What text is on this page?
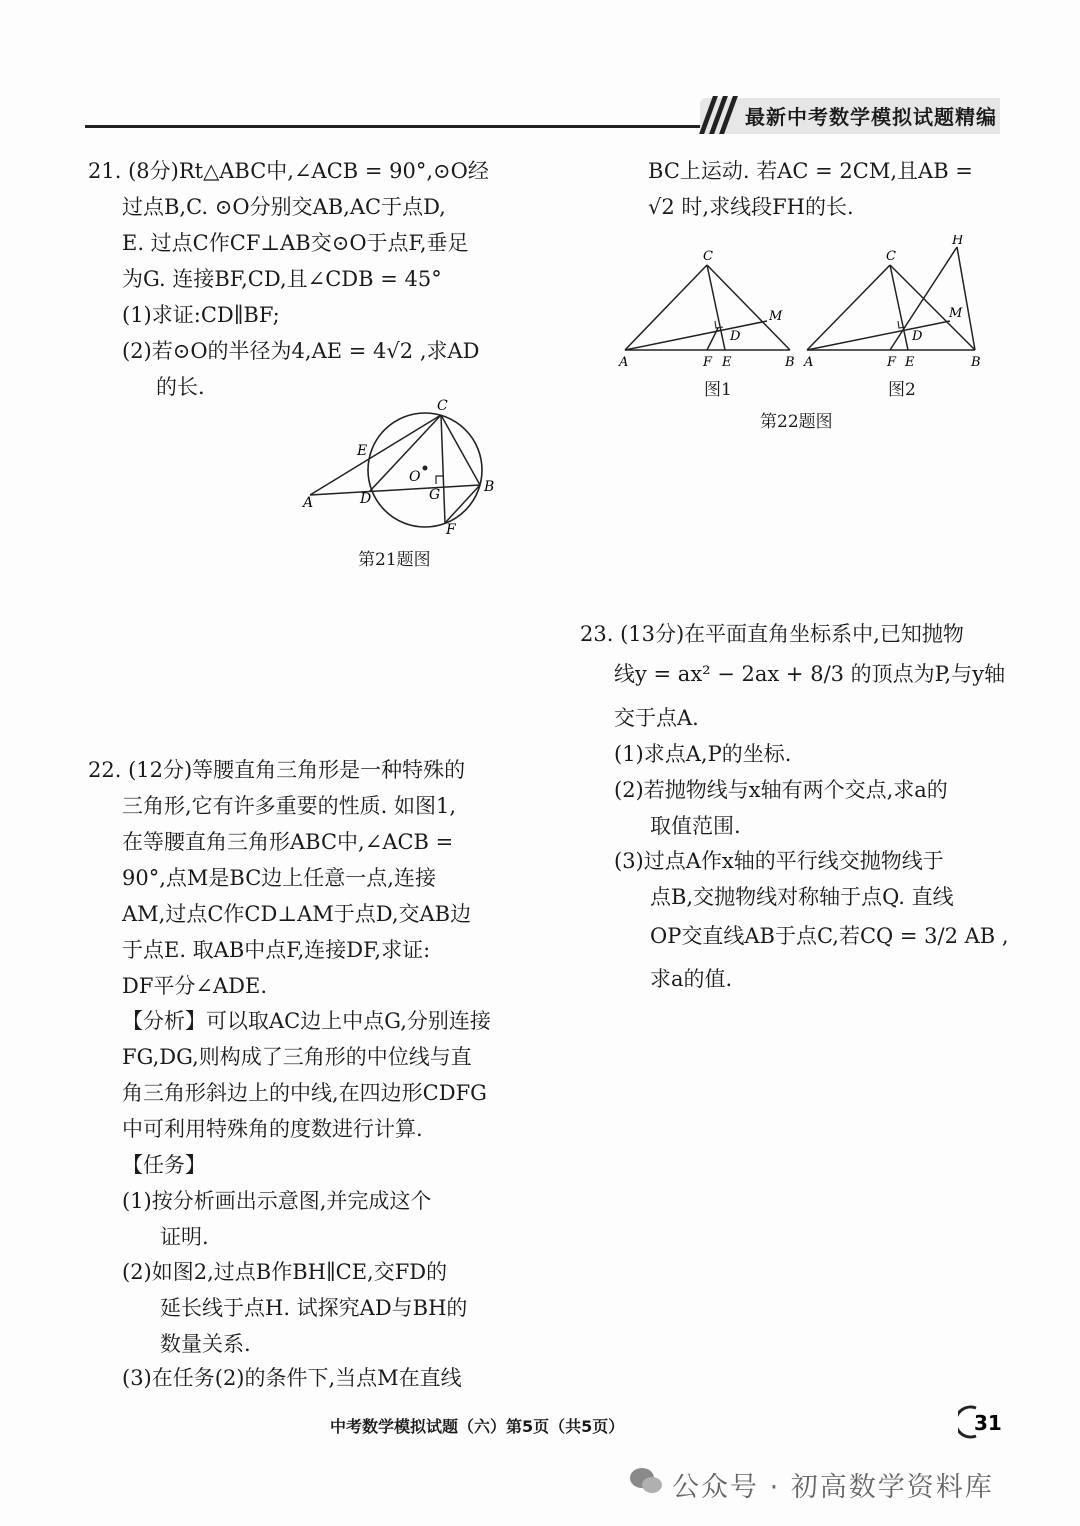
最新中考数学模拟试题精编
21. (8分)Rt△ABC中,∠ACB = 90°,⊙O经
过点B,C. ⊙O分别交AB,AC于点D,
E. 过点C作CF⊥AB交⊙O于点F,垂足
为G. 连接BF,CD,且∠CDB = 45°
(1)求证:CD∥BF;
(2)若⊙O的半径为4,AE = 4√2 ,求AD
的长.
C
E
O
A	D	G	B
F
第21题图
BC上运动. 若AC = 2CM,且AB =
√2 时,求线段FH的长.
C
M
D
A	F E	B
H
C
M
D
A	F E	B
图1	图2
第22题图
22. (12分)等腰直角三角形是一种特殊的
三角形,它有许多重要的性质. 如图1,
在等腰直角三角形ABC中,∠ACB =
90°,点M是BC边上任意一点,连接
AM,过点C作CD⊥AM于点D,交AB边
于点E. 取AB中点F,连接DF,求证:
DF平分∠ADE.
【分析】可以取AC边上中点G,分别连接
FG,DG,则构成了三角形的中位线与直
角三角形斜边上的中线,在四边形CDFG
中可利用特殊角的度数进行计算.
【任务】
(1)按分析画出示意图,并完成这个
证明.
(2)如图2,过点B作BH∥CE,交FD的
延长线于点H. 试探究AD与BH的
数量关系.
(3)在任务(2)的条件下,当点M在直线
23. (13分)在平面直角坐标系中,已知抛物
线y = ax² − 2ax + 8/3 的顶点为P,与y轴
交于点A.
(1)求点A,P的坐标.
(2)若抛物线与x轴有两个交点,求a的
取值范围.
(3)过点A作x轴的平行线交抛物线于
点B,交抛物线对称轴于点Q. 直线
OP交直线AB于点C,若CQ = 3/2 AB ,
求a的值.
中考数学模拟试题（六）第5页（共5页）	31
公众号 · 初高数学资料库
